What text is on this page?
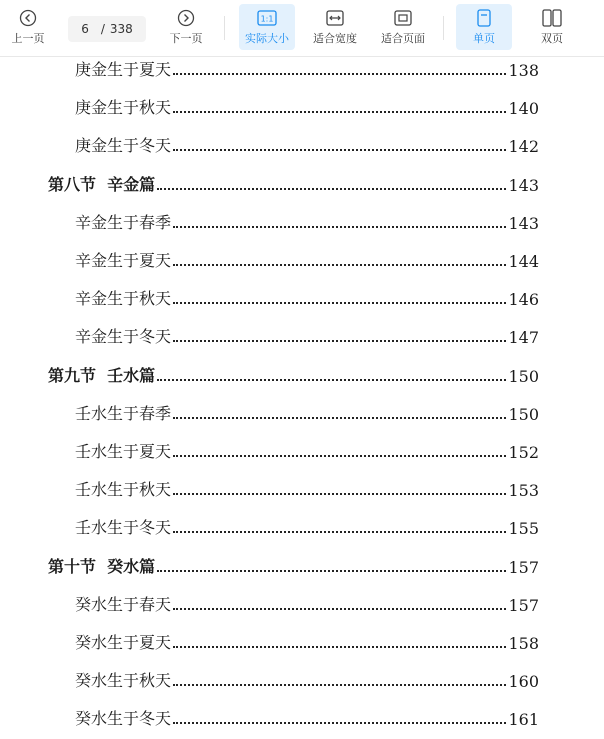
上一页
6 / 338
下一页
1:1
实际大小 适合宽度 适合页面	单页	双页
庚金生于夏天	138
庚金生于秋天	140
庚金生于冬天	142
第八节  辛金篇	143
辛金生于春季	143
辛金生于夏天	144
辛金生于秋天	146
辛金生于冬天	147
第九节  壬水篇	150
壬水生于春季	150
壬水生于夏天	152
壬水生于秋天	153
壬水生于冬天	155
第十节  癸水篇	157
癸水生于春天	157
癸水生于夏天	158
癸水生于秋天	160
癸水生于冬天	161
